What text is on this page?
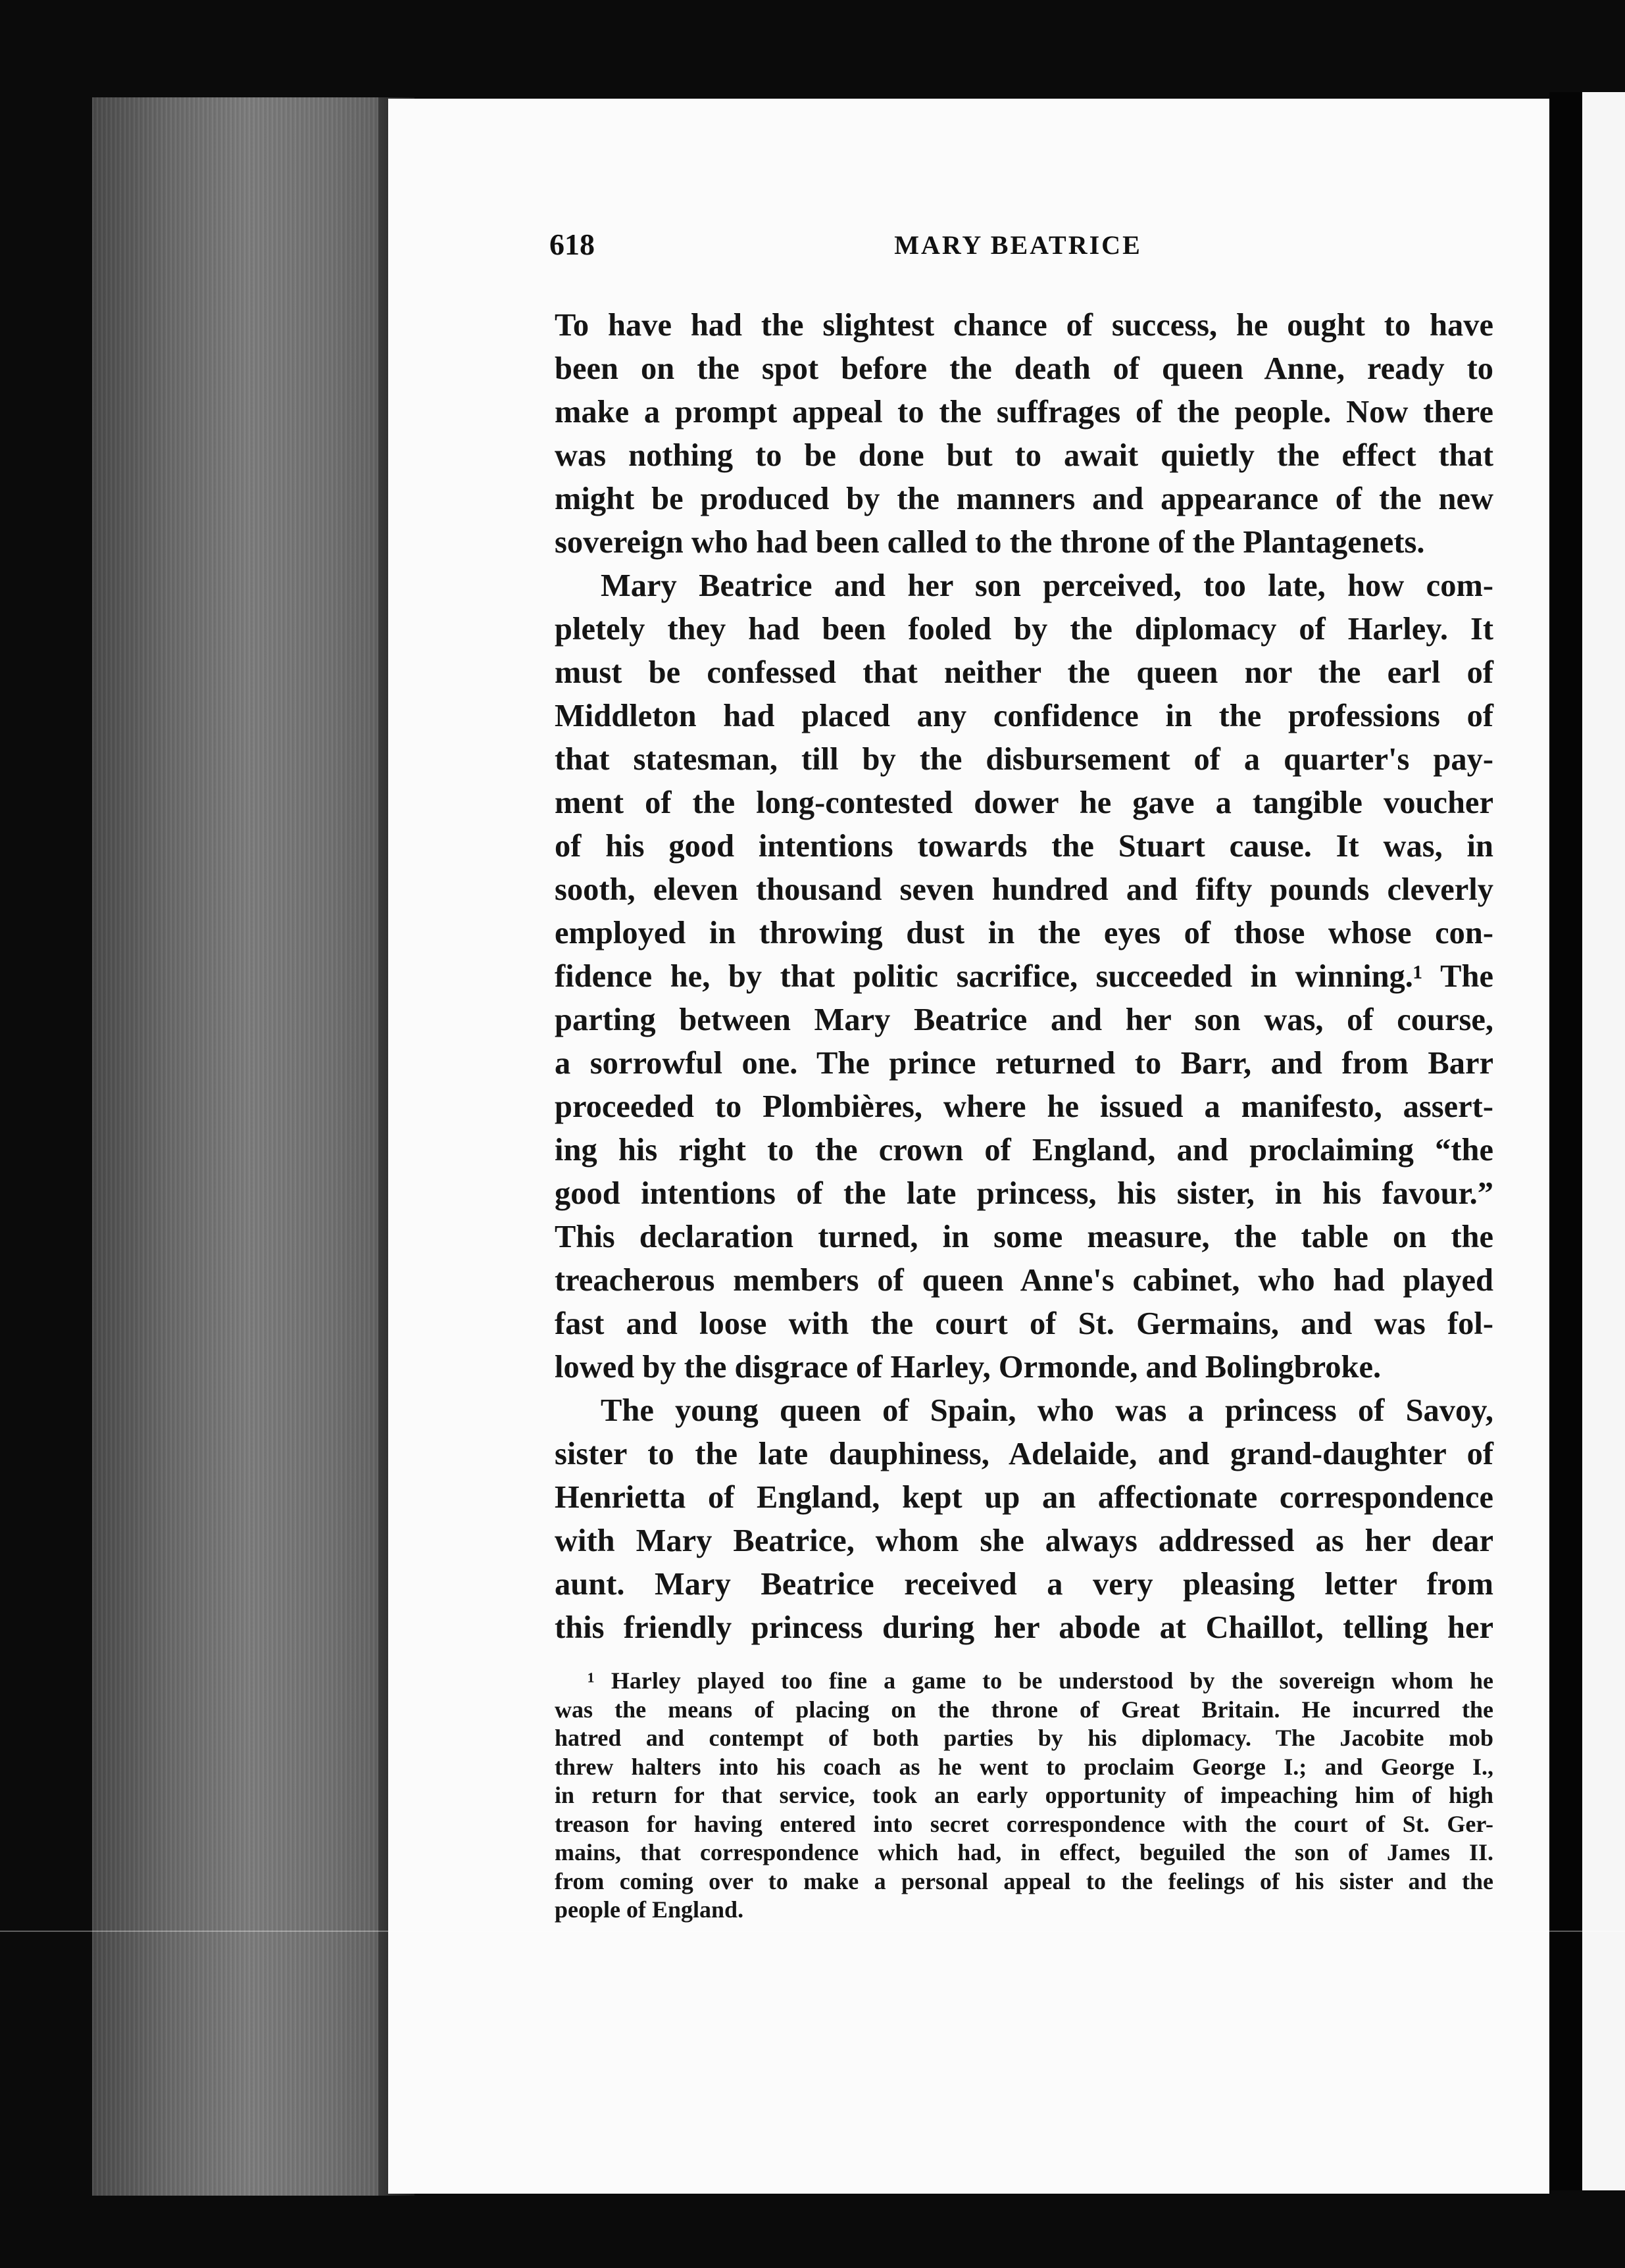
618	MARY BEATRICE
To have had the slightest chance of success, he ought to have
been on the spot before the death of queen Anne, ready to
make a prompt appeal to the suffrages of the people. Now there
was nothing to be done but to await quietly the effect that
might be produced by the manners and appearance of the new
sovereign who had been called to the throne of the Plantagenets.
Mary Beatrice and her son perceived, too late, how com-
pletely they had been fooled by the diplomacy of Harley. It
must be confessed that neither the queen nor the earl of
Middleton had placed any confidence in the professions of
that statesman, till by the disbursement of a quarter's pay-
ment of the long-contested dower he gave a tangible voucher
of his good intentions towards the Stuart cause. It was, in
sooth, eleven thousand seven hundred and fifty pounds cleverly
employed in throwing dust in the eyes of those whose con-
fidence he, by that politic sacrifice, succeeded in winning.¹ The
parting between Mary Beatrice and her son was, of course,
a sorrowful one. The prince returned to Barr, and from Barr
proceeded to Plombières, where he issued a manifesto, assert-
ing his right to the crown of England, and proclaiming “the
good intentions of the late princess, his sister, in his favour.”
This declaration turned, in some measure, the table on the
treacherous members of queen Anne's cabinet, who had played
fast and loose with the court of St. Germains, and was fol-
lowed by the disgrace of Harley, Ormonde, and Bolingbroke.
The young queen of Spain, who was a princess of Savoy,
sister to the late dauphiness, Adelaide, and grand-daughter of
Henrietta of England, kept up an affectionate correspondence
with Mary Beatrice, whom she always addressed as her dear
aunt. Mary Beatrice received a very pleasing letter from
this friendly princess during her abode at Chaillot, telling her
¹ Harley played too fine a game to be understood by the sovereign whom he
was the means of placing on the throne of Great Britain. He incurred the
hatred and contempt of both parties by his diplomacy. The Jacobite mob
threw halters into his coach as he went to proclaim George I.; and George I.,
in return for that service, took an early opportunity of impeaching him of high
treason for having entered into secret correspondence with the court of St. Ger-
mains, that correspondence which had, in effect, beguiled the son of James II.
from coming over to make a personal appeal to the feelings of his sister and the
people of England.
